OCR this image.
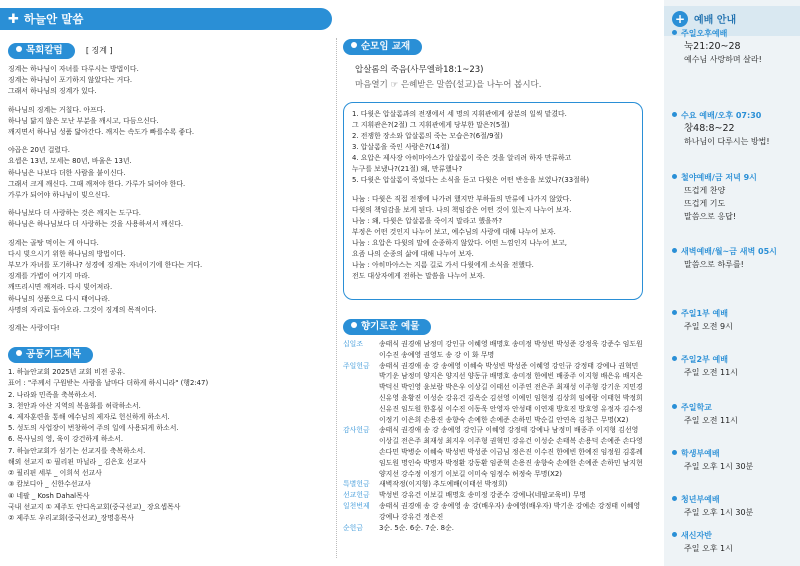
✚ 하늘안 말씀
목회칼럼	[ 징계 ]
징계는 하나님이 자녀를 다루시는 방법이다.
징계는 하나님이 포기하지 않았다는 거다.
그래서 하나님의 징계가 있다.
하나님의 징계는 거칠다. 아프다.
하나님 닮지 않은 모난 부분을 깨시고, 다듬으신다.
깨지면서 하나님 성품 닮아간다. 깨지는 속도가 빠를수록 좋다.
야곱은 20년 걸렸다.
요셉은 13년, 모세는 80년, 바울은 13년.
하나님은 나보다 더한 사람을 붙이신다.
그래서 크게 깨신다. 그때 깨져야 한다. 가루가 되어야 한다.
가루가 되어야 하나님이 빚으신다.
하나님보다 더 사랑하는 것은 깨지는 도구다.
하나님은 하나님보다 더 사랑하는 것을 사용하셔서 깨신다.
징계는 골탕 먹이는 게 아니다.
다시 빚으시기 위한 하나님의 방법이다.
부모가 자녀를 포기하나? 성경에 징계는 자녀이기에 한다는 거다.
징계를 가볍이 여기지 마라.
깨뜨리시면 깨져라. 다시 빚어져라.
하나님의 성품으로 다시 태어나라.
사명의 자리로 돌아오라. 그것이 징계의 목적이다.
징계는 사랑이다!
공동기도제목
1. 하늘안교회 2025년 교회 비전 공유.
표어 : "주께서 구원받는 사람을 날마다 더하게 하시니라" (행2:47)
2. 나라와 민족을 축복하소서.
3. 천안과 아산 지역의 복음화를 허락하소서.
4. 제자훈련을 통해 예수님의 제자로 헌신하게 하소서.
5. 성도의 사업장이 번창하여 주의 일에 사용되게 하소서.
6. 목사님의 영, 육이 강건하게 하소서.
7. 하늘안교회가 섬기는 선교지를 축복하소서.
해외 선교지 ① 필리핀 마닐라 _ 김은호 선교사
② 필리핀 세부 _ 이희석 선교사
③ 캄보디아 _ 신한수선교사
④ 네팔 _ Kosh Dahal목사
국내 선교지 ① 제주도 안디옥교회(중국선교)_ 장요셉목사
② 제주도 우리교회(중국선교)_장명흥목사
순모임 교재
압살롬의 죽음(사무엘하18:1~23)
마음열기 ☞ 은혜받은 말씀(설교)을 나누어 봅시다.
1. 다윗은 압살롬과의 전쟁에서 세 명의 지휘관에게 삼분의 일씩 맡겼다.
그 지휘관은?(2절) 그 지휘관에게 당부한 말은?(5절)
2. 전쟁한 장소와 압살롬의 죽는 모습은?(6절/9절)
3. 압살롬을 죽인 사람은?(14절)
4. 요압은 제사장 아히마아스가 압살롬이 죽은 것을 알리려 하자 만류하고
누구를 보냈나?(21절) 왜, 만류했나?
5. 다윗은 압살롬이 죽었다는 소식을 듣고 다윗은 어떤 반응을 보였나?(33절하)
나눔 : 다윗은 직접 전쟁에 나가려 했지만 부하들의 만류에 나가지 않았다.
다윗의 책임감을 보게 된다. 나의 책임감은 어떤 것이 있는지 나누어 보자.
나눔 : 왜, 다윗은 압살롬을 죽이지 말라고 했을까?
부정은 어떤 것인지 나누어 보고, 예수님의 사랑에 대해 나누어 보자.
나눔 : 요압은 다윗의 말에 순종하지 않았다. 어떤 느낌인지 나누어 보고,
요즘 나의 순종의 삶에 대해 나누어 보자.
나눔 : 아히마아스는 지름 길로 가서 다윗에게 소식을 전했다.
전도 대상자에게 전하는 말씀을 나누어 보자.
향기로운 예물
십일조	송태식 권경애 남정미 강인규 이혜영 배명호 송미정 박성빈 박성준 강정욱 강준수 임도원 이수진 송예영 권영도 송 강 이 화 무명
주일헌금	송태식 권경애 송 강 송예영 이혜숙 박성빈 박성준 이혜영 강인규 강정태 강예나 권혁민 박기운 남정미 양지은 양지선 양동규 배명호 송미정 한예빈 배종주 이지형 배은유 배지은 박덕신 박인영 윤보람 박은우 이상길 이태선 이주연 전은주 최재성 이주형 강기운 지민경 신유영 윤황진 이성순 강유건 김옥순 김선영 이예인 임현정 김상희 임예람 이태현 박정희 신유진 임도원 한홍심 이수진 이동욱 안영자 안성태 이연재 방호진 방호영 유정자 김수정 이정기 이은희 손용진 송향숙 손예한 손예준 손하민 박순길 안연옥 김청근 무명(X2)
감사헌금	송태식 권경애 송 강 송예영 강인규 이혜영 강정태 강예나 남정미 배종주 이지형 김선영 이상길 전은주 최재성 최지우 이주형 권혁민 강유건 이성순 손태복 손용덕 손예준 손다영 손다민 박병순 이혜숙 박성빈 박성준 이금님 정은진 이수진 한예빈 한예진 임정원 김홍례 임도원 명인숙 박명자 박정환 강동환 임준혁 손용진 송향숙 손예한 손예준 손하민 남지현 양지선 강수정 이정기 이보길 이미숙 임정수 허정숙 무명(X2)
특별헌금	새벽작정(이지형) 추도예배(이태선 박정희)
선교헌금	박성빈 강유건 이보길 배명호 송미정 강준수 강예나(네팔교육비) 무명
일천번제	송태식 권경애 송 강 송예영 송 강(배우자) 송예영(배우자) 박기운 강예손 강정태 이혜영 강예나 강유건 정은진
순헌금	3순. 5순. 6순. 7순. 8순.
+ 예배 안내
주일오후예배
눅21:20~28
예수님 사랑하며 살라!
수요 예배/오후 07:30
창48:8~22
하나님이 다루시는 방법!
철야예배/금 저녁 9시
뜨겁게 찬양
뜨겁게 기도
말씀으로 응답!
새벽예배/월~금 새벽 05시
말씀으로 하루를!
주일1부 예배
주일 오전 9시
주일2부 예배
주일 오전 11시
주일학교
주일 오전 11시
학생부예배
주일 오후 1시 30분
청년부예배
주일 오후 1시 30분
새신자반
주일 오후 1시
